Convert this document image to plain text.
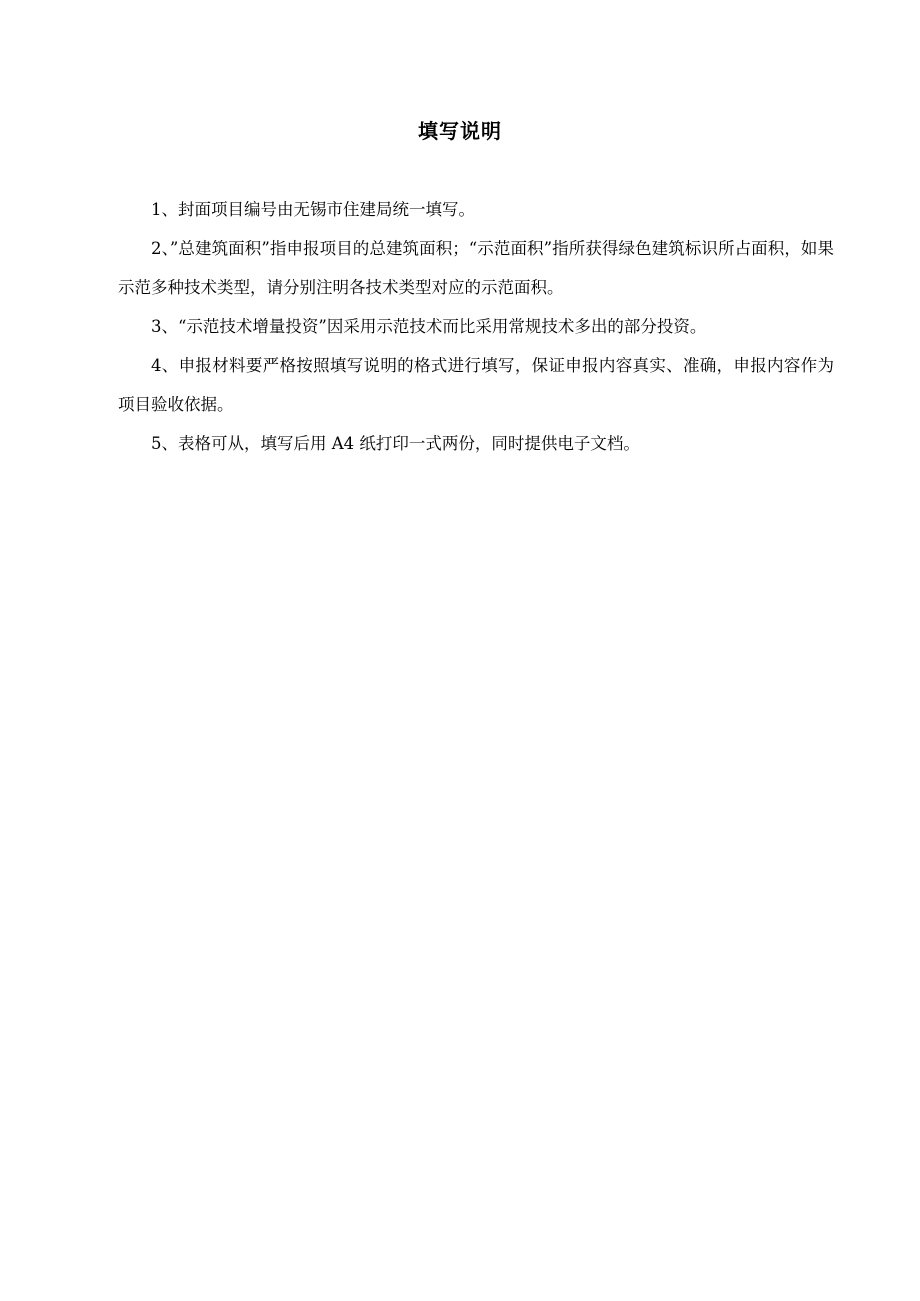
填写说明

1、封面项目编号由无锡市住建局统一填写。

2、”总建筑面积”指申报项目的总建筑面积；“示范面积”指所获得绿色建筑标识所占面积，如果示范多种技术类型，请分别注明各技术类型对应的示范面积。

3、“示范技术增量投资”因采用示范技术而比采用常规技术多出的部分投资。

4、申报材料要严格按照填写说明的格式进行填写，保证申报内容真实、准确，申报内容作为项目验收依据。

5、表格可从，填写后用 A4 纸打印一式两份，同时提供电子文档。
